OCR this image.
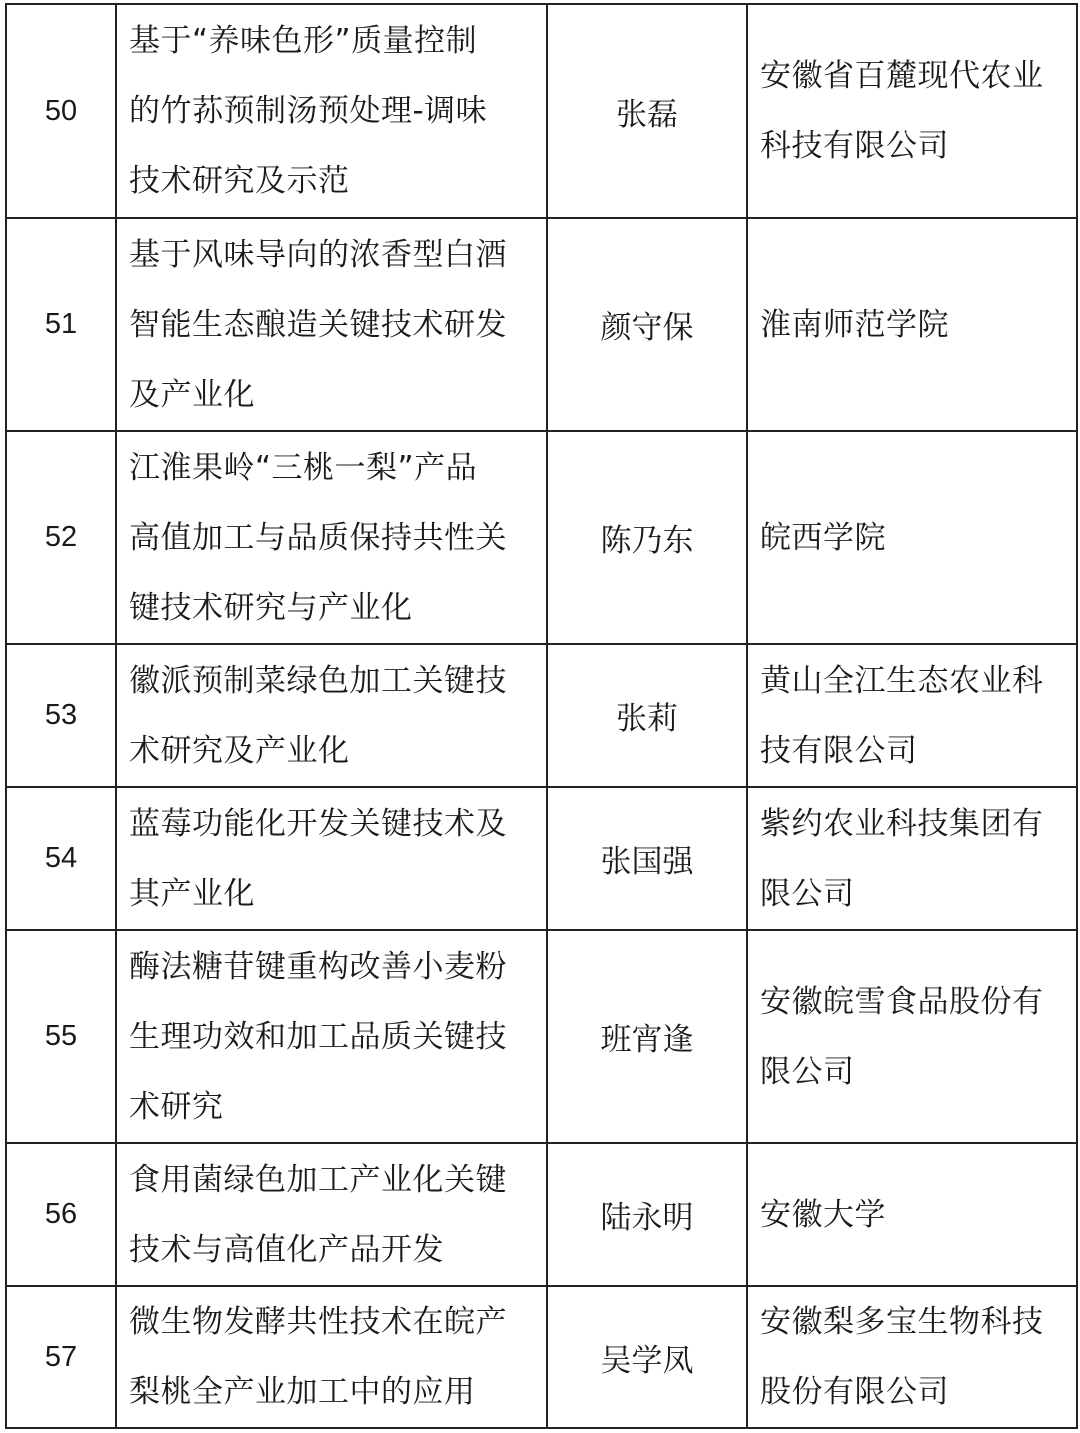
50	基于“养味色形”质量控制
的竹荪预制汤预处理-调味
技术研究及示范	张磊	安徽省百麓现代农业
科技有限公司

51	基于风味导向的浓香型白酒
智能生态酿造关键技术研发
及产业化	颜守保	淮南师范学院

52	江淮果岭“三桃一梨”产品
高值加工与品质保持共性关
键技术研究与产业化	陈乃东	皖西学院

53	徽派预制菜绿色加工关键技
术研究及产业化	张莉	黄山全江生态农业科
技有限公司

54	蓝莓功能化开发关键技术及
其产业化	张国强	紫约农业科技集团有
限公司

55	酶法糖苷键重构改善小麦粉
生理功效和加工品质关键技
术研究	班宵逢	安徽皖雪食品股份有
限公司

56	食用菌绿色加工产业化关键
技术与高值化产品开发	陆永明	安徽大学

57	微生物发酵共性技术在皖产
梨桃全产业加工中的应用	吴学凤	安徽梨多宝生物科技
股份有限公司
